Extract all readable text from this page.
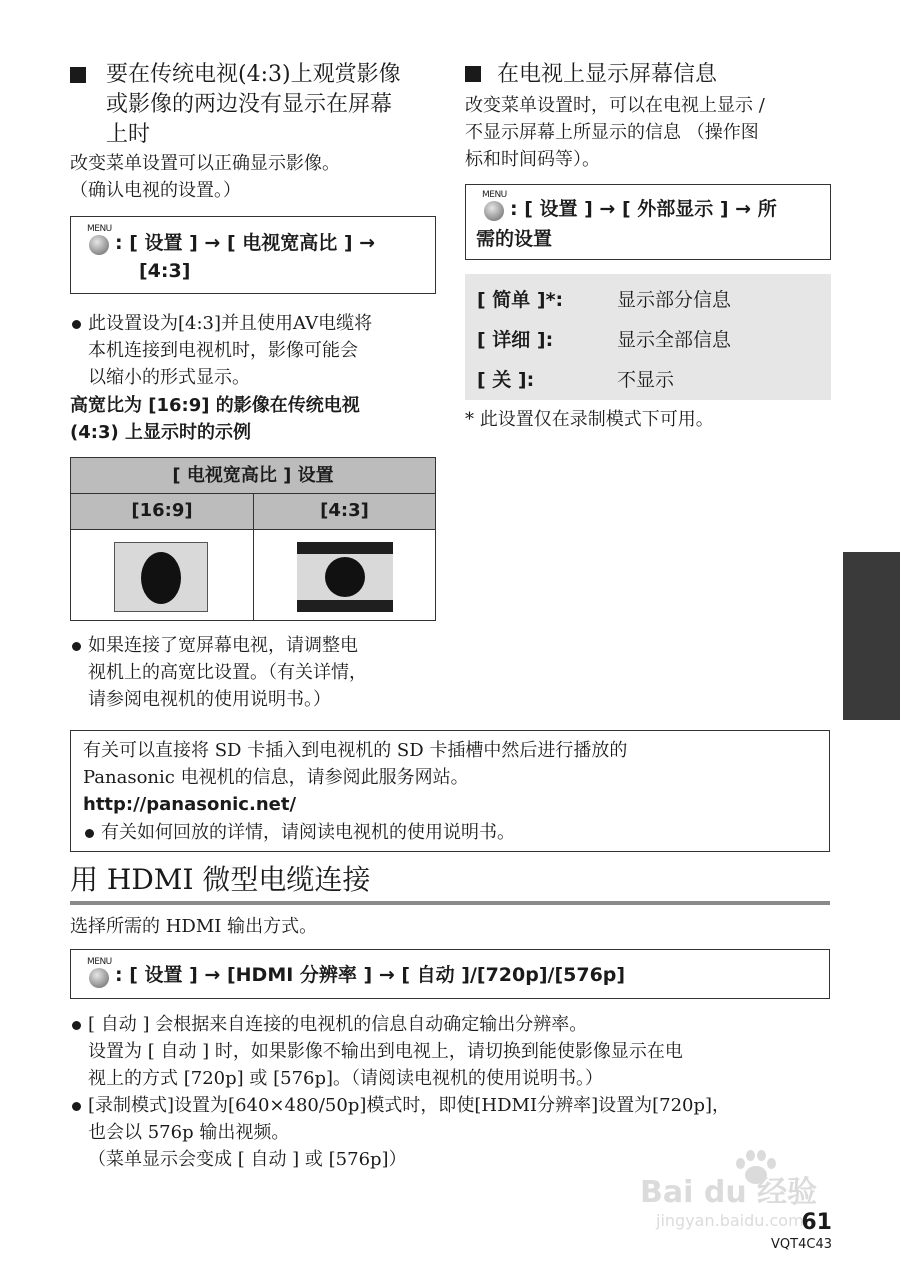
要在传统电视(4:3)上观赏影像
或影像的两边没有显示在屏幕
上时
改变菜单设置可以正确显示影像。
（确认电视的设置。）
MENU
: [ 设置 ] → [ 电视宽高比 ] →
[4:3]
此设置设为[4:3]并且使用AV电缆将
本机连接到电视机时，影像可能会
以缩小的形式显示。
高宽比为 [16:9] 的影像在传统电视
(4:3) 上显示时的示例
[ 电视宽高比 ] 设置
[16:9]	[4:3]
如果连接了宽屏幕电视，请调整电
视机上的高宽比设置。（有关详情，
请参阅电视机的使用说明书。）
在电视上显示屏幕信息
改变菜单设置时，可以在电视上显示 /
不显示屏幕上所显示的信息 （操作图
标和时间码等）。
MENU
: [ 设置 ] → [ 外部显示 ] → 所
需的设置
[ 简单 ]*:	显示部分信息
[ 详细 ]:	显示全部信息
[ 关 ]:	不显示
* 此设置仅在录制模式下可用。
有关可以直接将 SD 卡插入到电视机的 SD 卡插槽中然后进行播放的
Panasonic 电视机的信息，请参阅此服务网站。
http://panasonic.net/
有关如何回放的详情，请阅读电视机的使用说明书。
用 HDMI 微型电缆连接
选择所需的 HDMI 输出方式。
MENU
: [ 设置 ] → [HDMI 分辨率 ] → [ 自动 ]/[720p]/[576p]
[ 自动 ] 会根据来自连接的电视机的信息自动确定输出分辨率。
设置为 [ 自动 ] 时，如果影像不输出到电视上，请切换到能使影像显示在电
视上的方式 [720p] 或 [576p]。（请阅读电视机的使用说明书。）
[录制模式]设置为[640×480/50p]模式时，即使[HDMI分辨率]设置为[720p]，
也会以 576p 输出视频。
（菜单显示会变成 [ 自动 ] 或 [576p]）
Bai du 经验
jingyan.baidu.com
61
VQT4C43
